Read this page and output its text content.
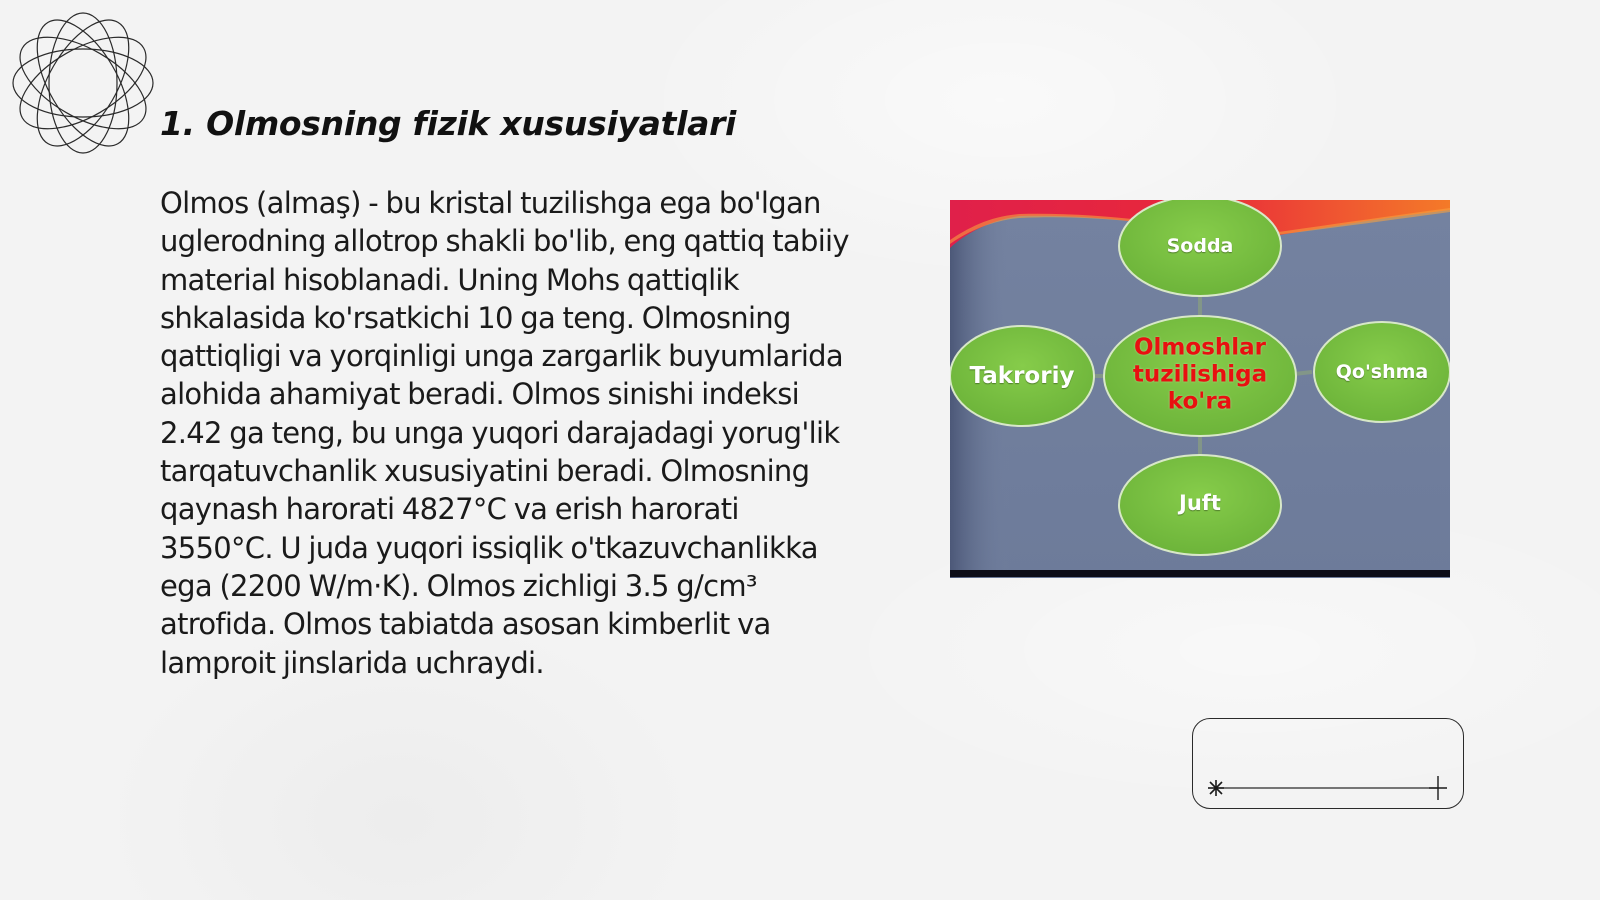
1. Olmosning fizik xususiyatlari

Olmos (almaş) - bu kristal tuzilishga ega bo'lgan uglerodning allotrop shakli bo'lib, eng qattiq tabiiy material hisoblanadi. Uning Mohs qattiqlik shkalasida ko'rsatkichi 10 ga teng. Olmosning qattiqligi va yorqinligi unga zargarlik buyumlarida alohida ahamiyat beradi. Olmos sinishi indeksi 2.42 ga teng, bu unga yuqori darajadagi yorug'lik tarqatuvchanlik xususiyatini beradi. Olmosning qaynash harorati 4827°C va erish harorati 3550°C. U juda yuqori issiqlik o'tkazuvchanlikka ega (2200 W/m·K). Olmos zichligi 3.5 g/cm³ atrofida. Olmos tabiatda asosan kimberlit va lamproit jinslarida uchraydi.

Sodda
Takroriy
Olmoshlar tuzilishiga ko'ra
Qo'shma
Juft
